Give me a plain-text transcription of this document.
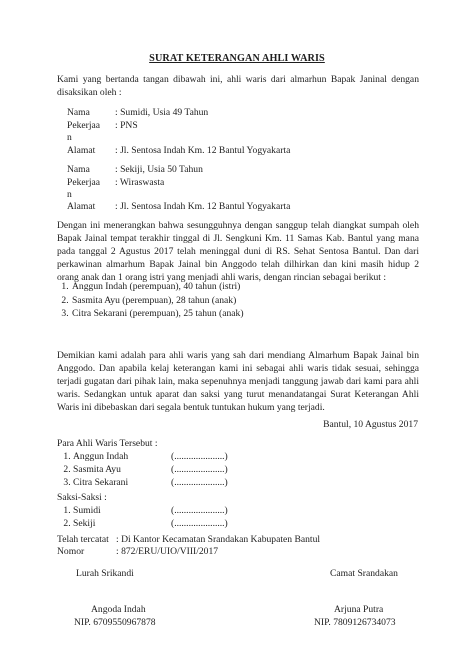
SURAT KETERANGAN AHLI WARIS
Kami yang bertanda tangan dibawah ini, ahli waris dari almarhun Bapak Janinal dengan
disaksikan oleh :
Nama	: Sumidi, Usia 49 Tahun
Pekerjaa : PNS
n
Alamat : Jl. Sentosa Indah Km. 12 Bantul Yogyakarta
Nama	: Sekiji, Usia 50 Tahun
Pekerjaa : Wiraswasta
n
Alamat : Jl. Sentosa Indah Km. 12 Bantul Yogyakarta
Dengan ini menerangkan bahwa sesungguhnya dengan sanggup telah diangkat sumpah oleh
Bapak Jainal tempat terakhir tinggal di Jl. Sengkuni Km. 11 Samas Kab. Bantul yang mana
pada tanggal 2 Agustus 2017 telah meninggal duni di RS. Sehat Sentosa Bantul. Dan dari
perkawinan almarhum Bapak Jainal bin Anggodo telah dilhirkan dan kini masih hidup 2
orang anak dan 1 orang istri yang menjadi ahli waris, dengan rincian sebagai berikut :
1. Anggun Indah (perempuan), 40 tahun (istri)
2. Sasmita Ayu (perempuan), 28 tahun (anak)
3. Citra Sekarani (perempuan), 25 tahun (anak)
Demikian kami adalah para ahli waris yang sah dari mendiang Almarhum Bapak Jainal bin
Anggodo. Dan apabila kelaj keterangan kami ini sebagai ahli waris tidak sesuai, sehingga
terjadi gugatan dari pihak lain, maka sepenuhnya menjadi tanggung jawab dari kami para ahli
waris. Sedangkan untuk aparat dan saksi yang turut menandatangai Surat Keterangan Ahli
Waris ini dibebaskan dari segala bentuk tuntukan hukum yang terjadi.
Bantul, 10 Agustus 2017
Para Ahli Waris Tersebut :
1. Anggun Indah	(.....................)
2. Sasmita Ayu	(.....................)
3. Citra Sekarani	(.....................)
Saksi-Saksi :
1. Sumidi	(.....................)
2. Sekiji	(.....................)
Telah tercatat : Di Kantor Kecamatan Srandakan Kabupaten Bantul
Nomor	: 872/ERU/UIO/VIII/2017
Lurah Srikandi	Camat Srandakan
Angoda Indah	Arjuna Putra
NIP. 6709550967878	NIP. 7809126734073
